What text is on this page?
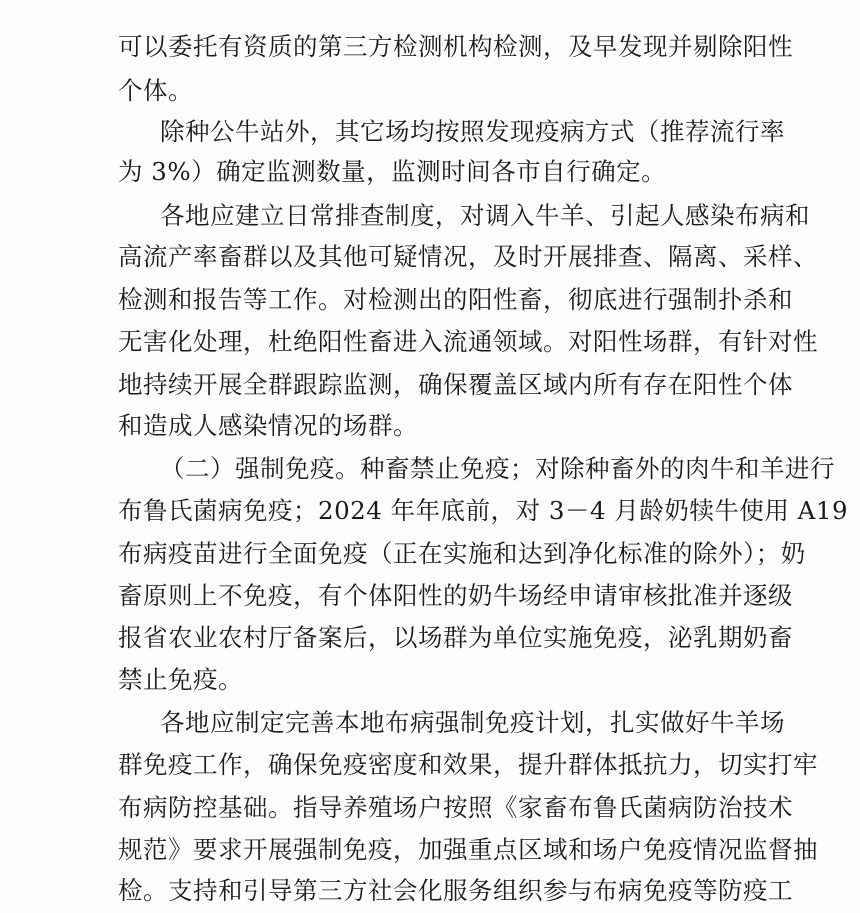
可以委托有资质的第三方检测机构检测，及早发现并剔除阳性
个体。
除种公牛站外，其它场均按照发现疫病方式（推荐流行率
为 3%）确定监测数量，监测时间各市自行确定。
各地应建立日常排查制度，对调入牛羊、引起人感染布病和
高流产率畜群以及其他可疑情况，及时开展排查、隔离、采样、
检测和报告等工作。对检测出的阳性畜，彻底进行强制扑杀和
无害化处理，杜绝阳性畜进入流通领域。对阳性场群，有针对性
地持续开展全群跟踪监测，确保覆盖区域内所有存在阳性个体
和造成人感染情况的场群。
（二）强制免疫。种畜禁止免疫；对除种畜外的肉牛和羊进行
布鲁氏菌病免疫；2024 年年底前，对 3－4 月龄奶犊牛使用 A19
布病疫苗进行全面免疫（正在实施和达到净化标准的除外）；奶
畜原则上不免疫，有个体阳性的奶牛场经申请审核批准并逐级
报省农业农村厅备案后，以场群为单位实施免疫，泌乳期奶畜
禁止免疫。
各地应制定完善本地布病强制免疫计划，扎实做好牛羊场
群免疫工作，确保免疫密度和效果，提升群体抵抗力，切实打牢
布病防控基础。指导养殖场户按照《家畜布鲁氏菌病防治技术
规范》要求开展强制免疫，加强重点区域和场户免疫情况监督抽
检。支持和引导第三方社会化服务组织参与布病免疫等防疫工
